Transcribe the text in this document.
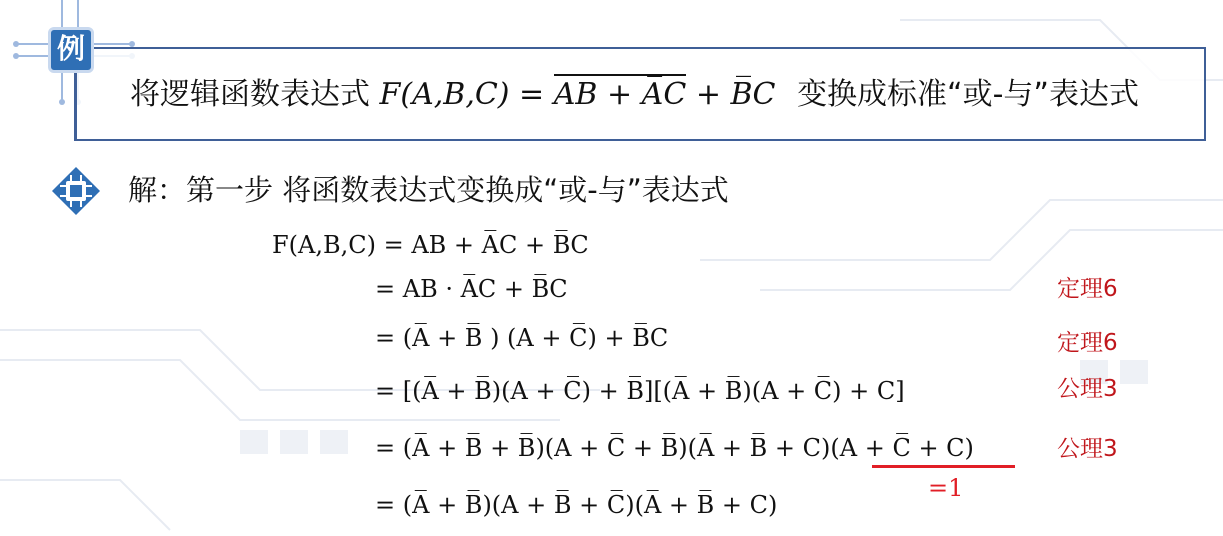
例
将逻辑函数表达式 F(A,B,C) = AB + A̅C + B̅C 变换成标准“或-与”表达式
解：第一步 将函数表达式变换成“或-与”表达式
F(A,B,C) = AB + A̅C + B̅C
= AB · A̅C + B̅C
= (A̅ + B̅ ) (A + C̅) + B̅C
= [(A̅ + B̅)(A + C̅) + B̅][(A̅ + B̅)(A + C̅) + C]
= (A̅ + B̅ + B̅)(A + C̅ + B̅)(A̅ + B̅ + C)(A + C̅ + C)
=1
= (A̅ + B̅)(A + B̅ + C̅)(A̅ + B̅ + C)
定理6
定理6
公理3
公理3
